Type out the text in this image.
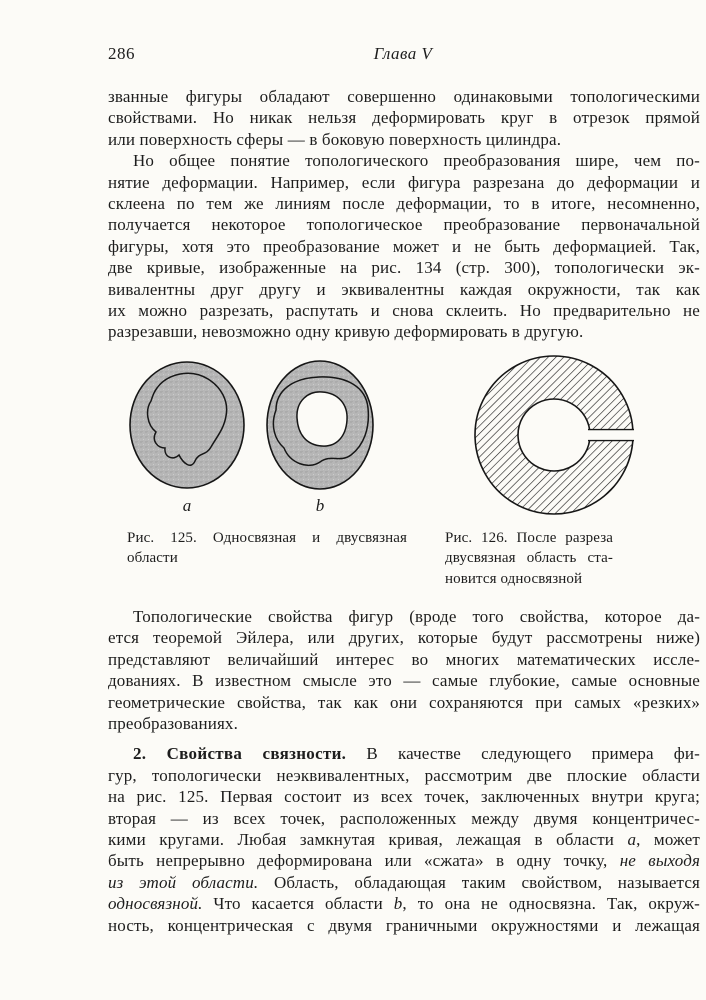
286	Глава V
званные фигуры обладают совершенно одинаковыми топологическими
свойствами. Но никак нельзя деформировать круг в отрезок прямой
или поверхность сферы — в боковую поверхность цилиндра.
Но общее понятие топологического преобразования шире, чем по-
нятие деформации. Например, если фигура разрезана до деформации и
склеена по тем же линиям после деформации, то в итоге, несомненно,
получается некоторое топологическое преобразование первоначальной
фигуры, хотя это преобразование может и не быть деформацией. Так,
две кривые, изображенные на рис. 134 (стр. 300), топологически эк-
вивалентны друг другу и эквивалентны каждая окружности, так как
их можно разрезать, распутать и снова склеить. Но предварительно не
разрезавши, невозможно одну кривую деформировать в другую.
a	b
Рис. 125. Односвязная и двусвязная
области
Рис. 126. После разреза
двусвязная область ста-
новится односвязной
Топологические свойства фигур (вроде того свойства, которое да-
ется теоремой Эйлера, или других, которые будут рассмотрены ниже)
представляют величайший интерес во многих математических иссле-
дованиях. В известном смысле это — самые глубокие, самые основные
геометрические свойства, так как они сохраняются при самых «резких»
преобразованиях.
2. Свойства связности. В качестве следующего примера фи-
гур, топологически неэквивалентных, рассмотрим две плоские области
на рис. 125. Первая состоит из всех точек, заключенных внутри круга;
вторая — из всех точек, расположенных между двумя концентричес-
кими кругами. Любая замкнутая кривая, лежащая в области a, может
быть непрерывно деформирована или «сжата» в одну точку, не выходя
из этой области. Область, обладающая таким свойством, называется
односвязной. Что касается области b, то она не односвязна. Так, окруж-
ность, концентрическая с двумя граничными окружностями и лежащая
